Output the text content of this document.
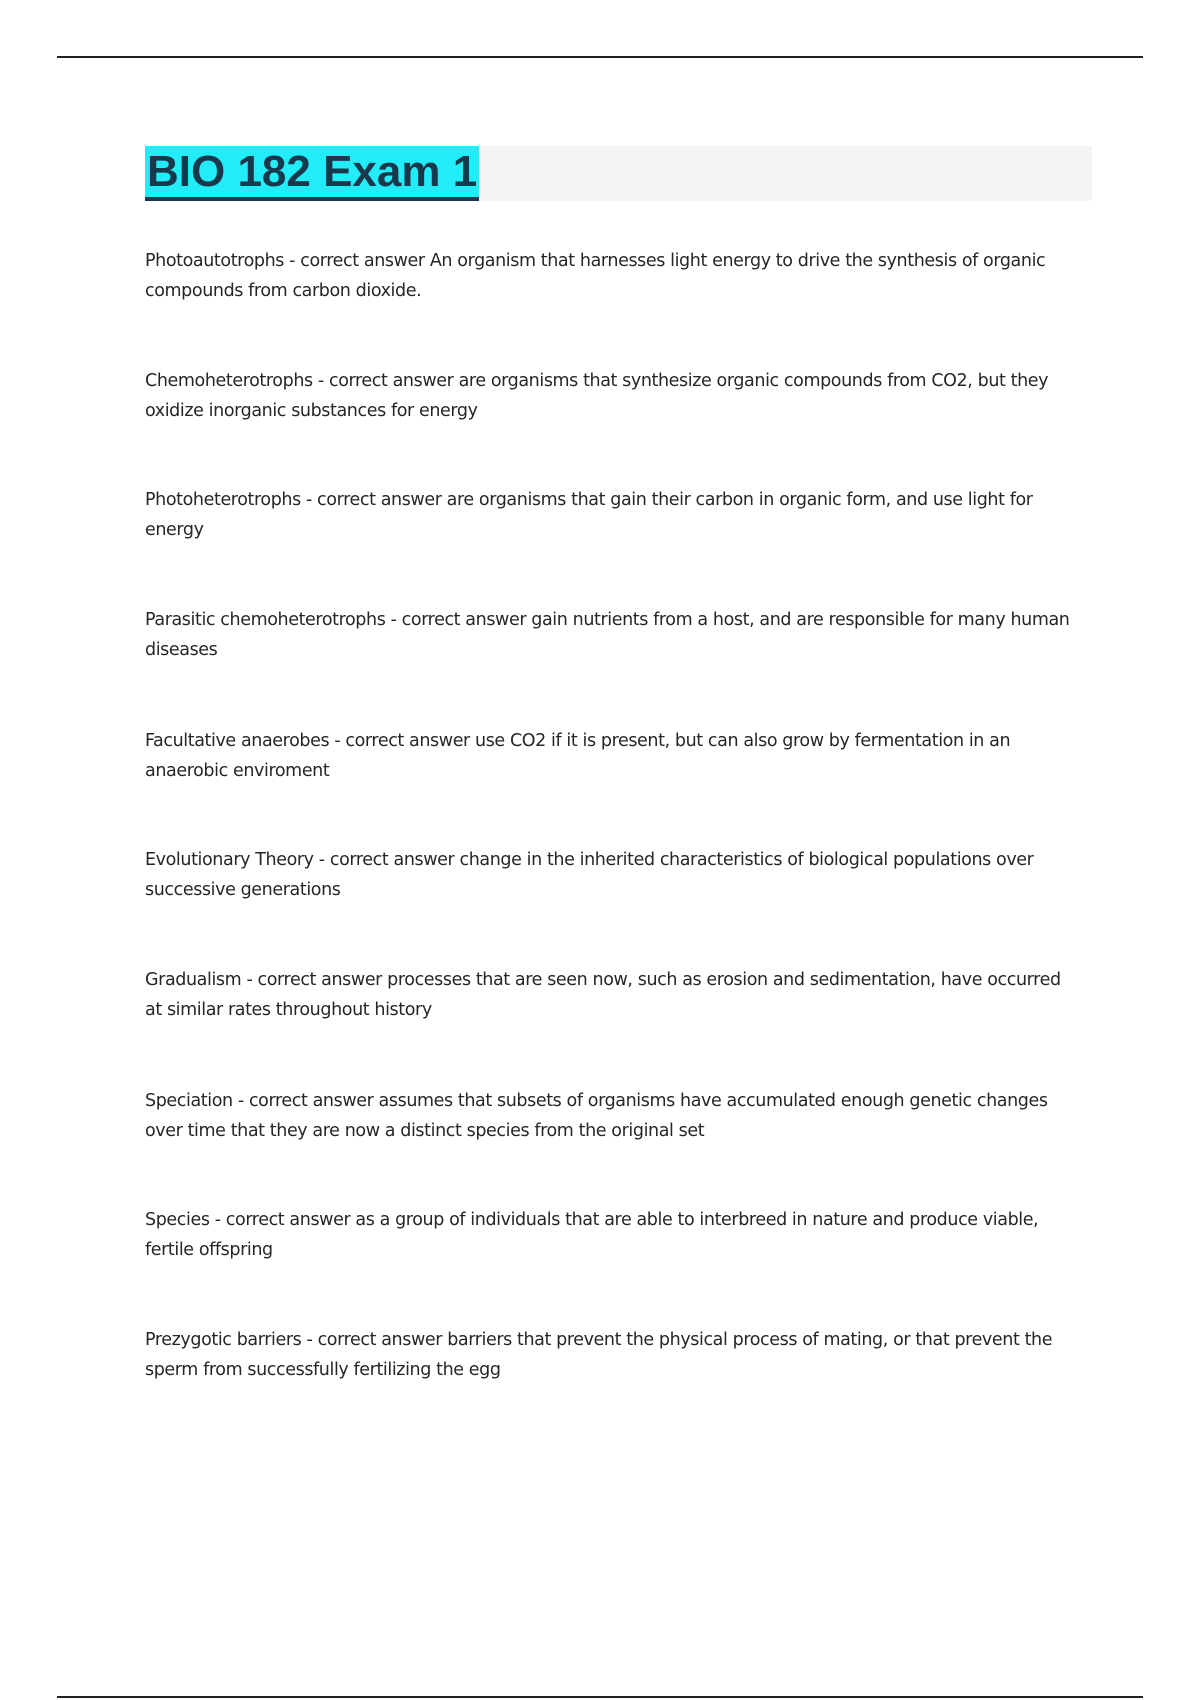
BIO 182 Exam 1

Photoautotrophs - correct answer An organism that harnesses light energy to drive the synthesis of organic compounds from carbon dioxide.

Chemoheterotrophs - correct answer are organisms that synthesize organic compounds from CO2, but they oxidize inorganic substances for energy

Photoheterotrophs - correct answer are organisms that gain their carbon in organic form, and use light for energy

Parasitic chemoheterotrophs - correct answer gain nutrients from a host, and are responsible for many human diseases

Facultative anaerobes - correct answer use CO2 if it is present, but can also grow by fermentation in an anaerobic enviroment

Evolutionary Theory - correct answer change in the inherited characteristics of biological populations over successive generations

Gradualism - correct answer processes that are seen now, such as erosion and sedimentation, have occurred at similar rates throughout history

Speciation - correct answer assumes that subsets of organisms have accumulated enough genetic changes over time that they are now a distinct species from the original set

Species - correct answer as a group of individuals that are able to interbreed in nature and produce viable, fertile offspring

Prezygotic barriers - correct answer barriers that prevent the physical process of mating, or that prevent the sperm from successfully fertilizing the egg
